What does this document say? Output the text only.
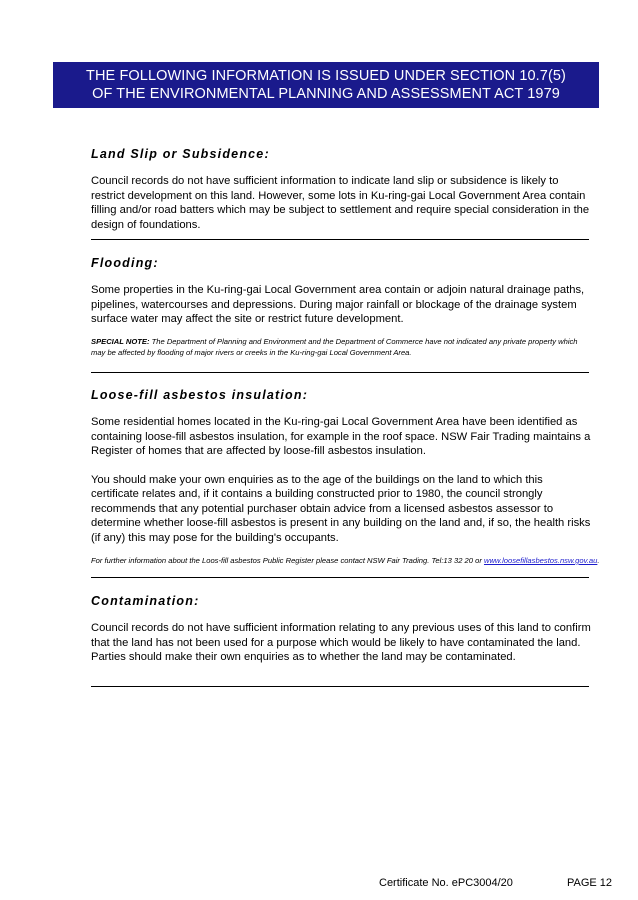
THE FOLLOWING INFORMATION IS ISSUED UNDER SECTION 10.7(5)
OF THE ENVIRONMENTAL PLANNING AND ASSESSMENT ACT 1979

Land Slip or Subsidence:

Council records do not have sufficient information to indicate land slip or subsidence is likely to restrict development on this land. However, some lots in Ku-ring-gai Local Government Area contain filling and/or road batters which may be subject to settlement and require special consideration in the design of foundations.

Flooding:

Some properties in the Ku-ring-gai Local Government area contain or adjoin natural drainage paths, pipelines, watercourses and depressions. During major rainfall or blockage of the drainage system surface water may affect the site or restrict future development.

SPECIAL NOTE: The Department of Planning and Environment and the Department of Commerce have not indicated any private property which may be affected by flooding of major rivers or creeks in the Ku-ring-gai Local Government Area.

Loose-fill asbestos insulation:

Some residential homes located in the Ku-ring-gai Local Government Area have been identified as containing loose-fill asbestos insulation, for example in the roof space. NSW Fair Trading maintains a Register of homes that are affected by loose-fill asbestos insulation.

You should make your own enquiries as to the age of the buildings on the land to which this certificate relates and, if it contains a building constructed prior to 1980, the council strongly recommends that any potential purchaser obtain advice from a licensed asbestos assessor to determine whether loose-fill asbestos is present in any building on the land and, if so, the health risks (if any) this may pose for the building's occupants.

For further information about the Loos-fill asbestos Public Register please contact NSW Fair Trading. Tel:13 32 20 or www.loosefillasbestos.nsw.gov.au.

Contamination:

Council records do not have sufficient information relating to any previous uses of this land to confirm that the land has not been used for a purpose which would be likely to have contaminated the land. Parties should make their own enquiries as to whether the land may be contaminated.

Certificate No. ePC3004/20	PAGE 12
